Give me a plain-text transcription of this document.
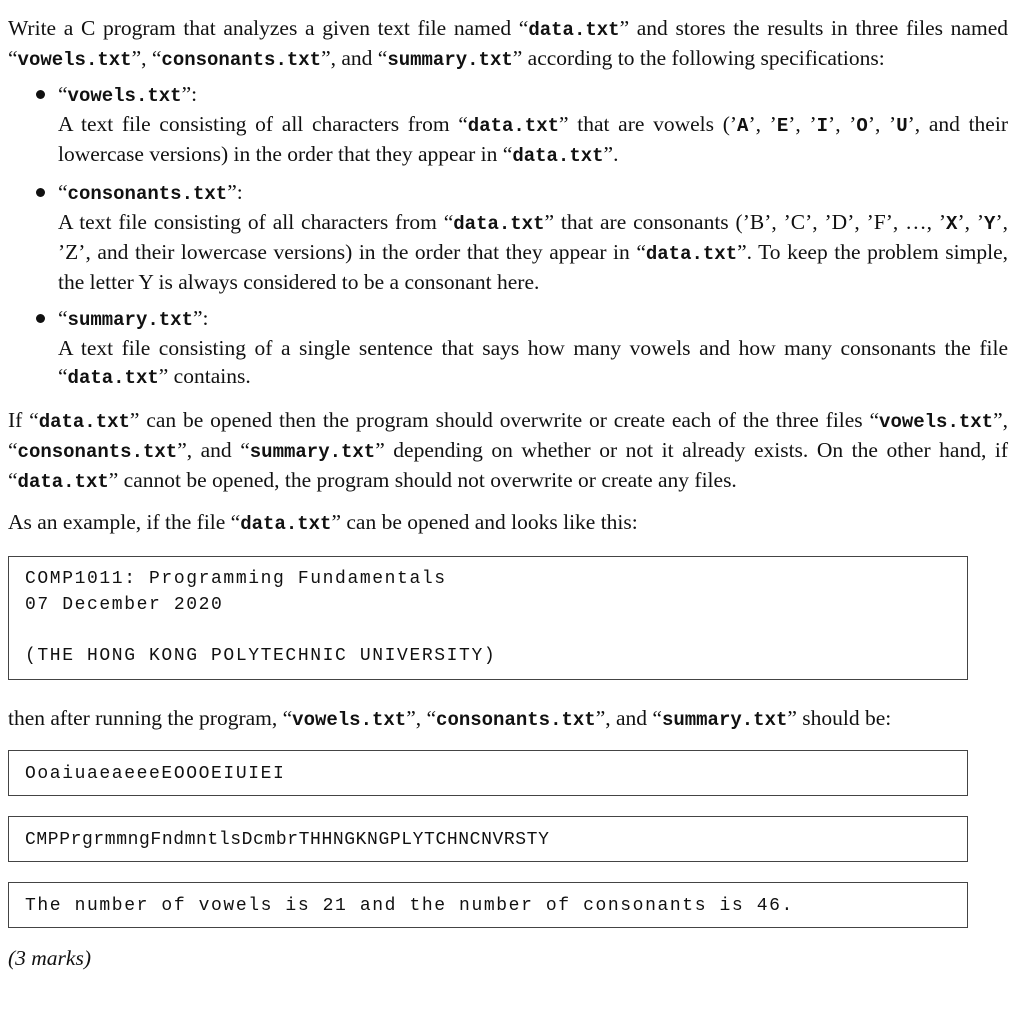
Write a C program that analyzes a given text file named “data.txt” and stores the results in three files named “vowels.txt”, “consonants.txt”, and “summary.txt” according to the following specifications:

“vowels.txt”:

A text file consisting of all characters from “data.txt” that are vowels (’A’, ’E’, ’I’, ’O’, ’U’, and their lowercase versions) in the order that they appear in “data.txt”.

“consonants.txt”:

A text file consisting of all characters from “data.txt” that are consonants (’B’, ’C’, ’D’, ’F’, …, ’X’, ’Y’, ’Z’, and their lowercase versions) in the order that they appear in “data.txt”. To keep the problem simple, the letter Y is always considered to be a consonant here.

“summary.txt”:

A text file consisting of a single sentence that says how many vowels and how many consonants the file “data.txt” contains.

If “data.txt” can be opened then the program should overwrite or create each of the three files “vowels.txt”, “consonants.txt”, and “summary.txt” depending on whether or not it already exists. On the other hand, if “data.txt” cannot be opened, the program should not overwrite or create any files.

As an example, if the file “data.txt” can be opened and looks like this:

COMP1011: Programming Fundamentals
07 December 2020

(THE HONG KONG POLYTECHNIC UNIVERSITY)

then after running the program, “vowels.txt”, “consonants.txt”, and “summary.txt” should be:

OoaiuaeaeeeEOOOEIUIEI
CMPPrgrmmngFndmntlsDcmbrTHHNGKNGPLYTCHNCNVRSTY
The number of vowels is 21 and the number of consonants is 46.
(3 marks)
